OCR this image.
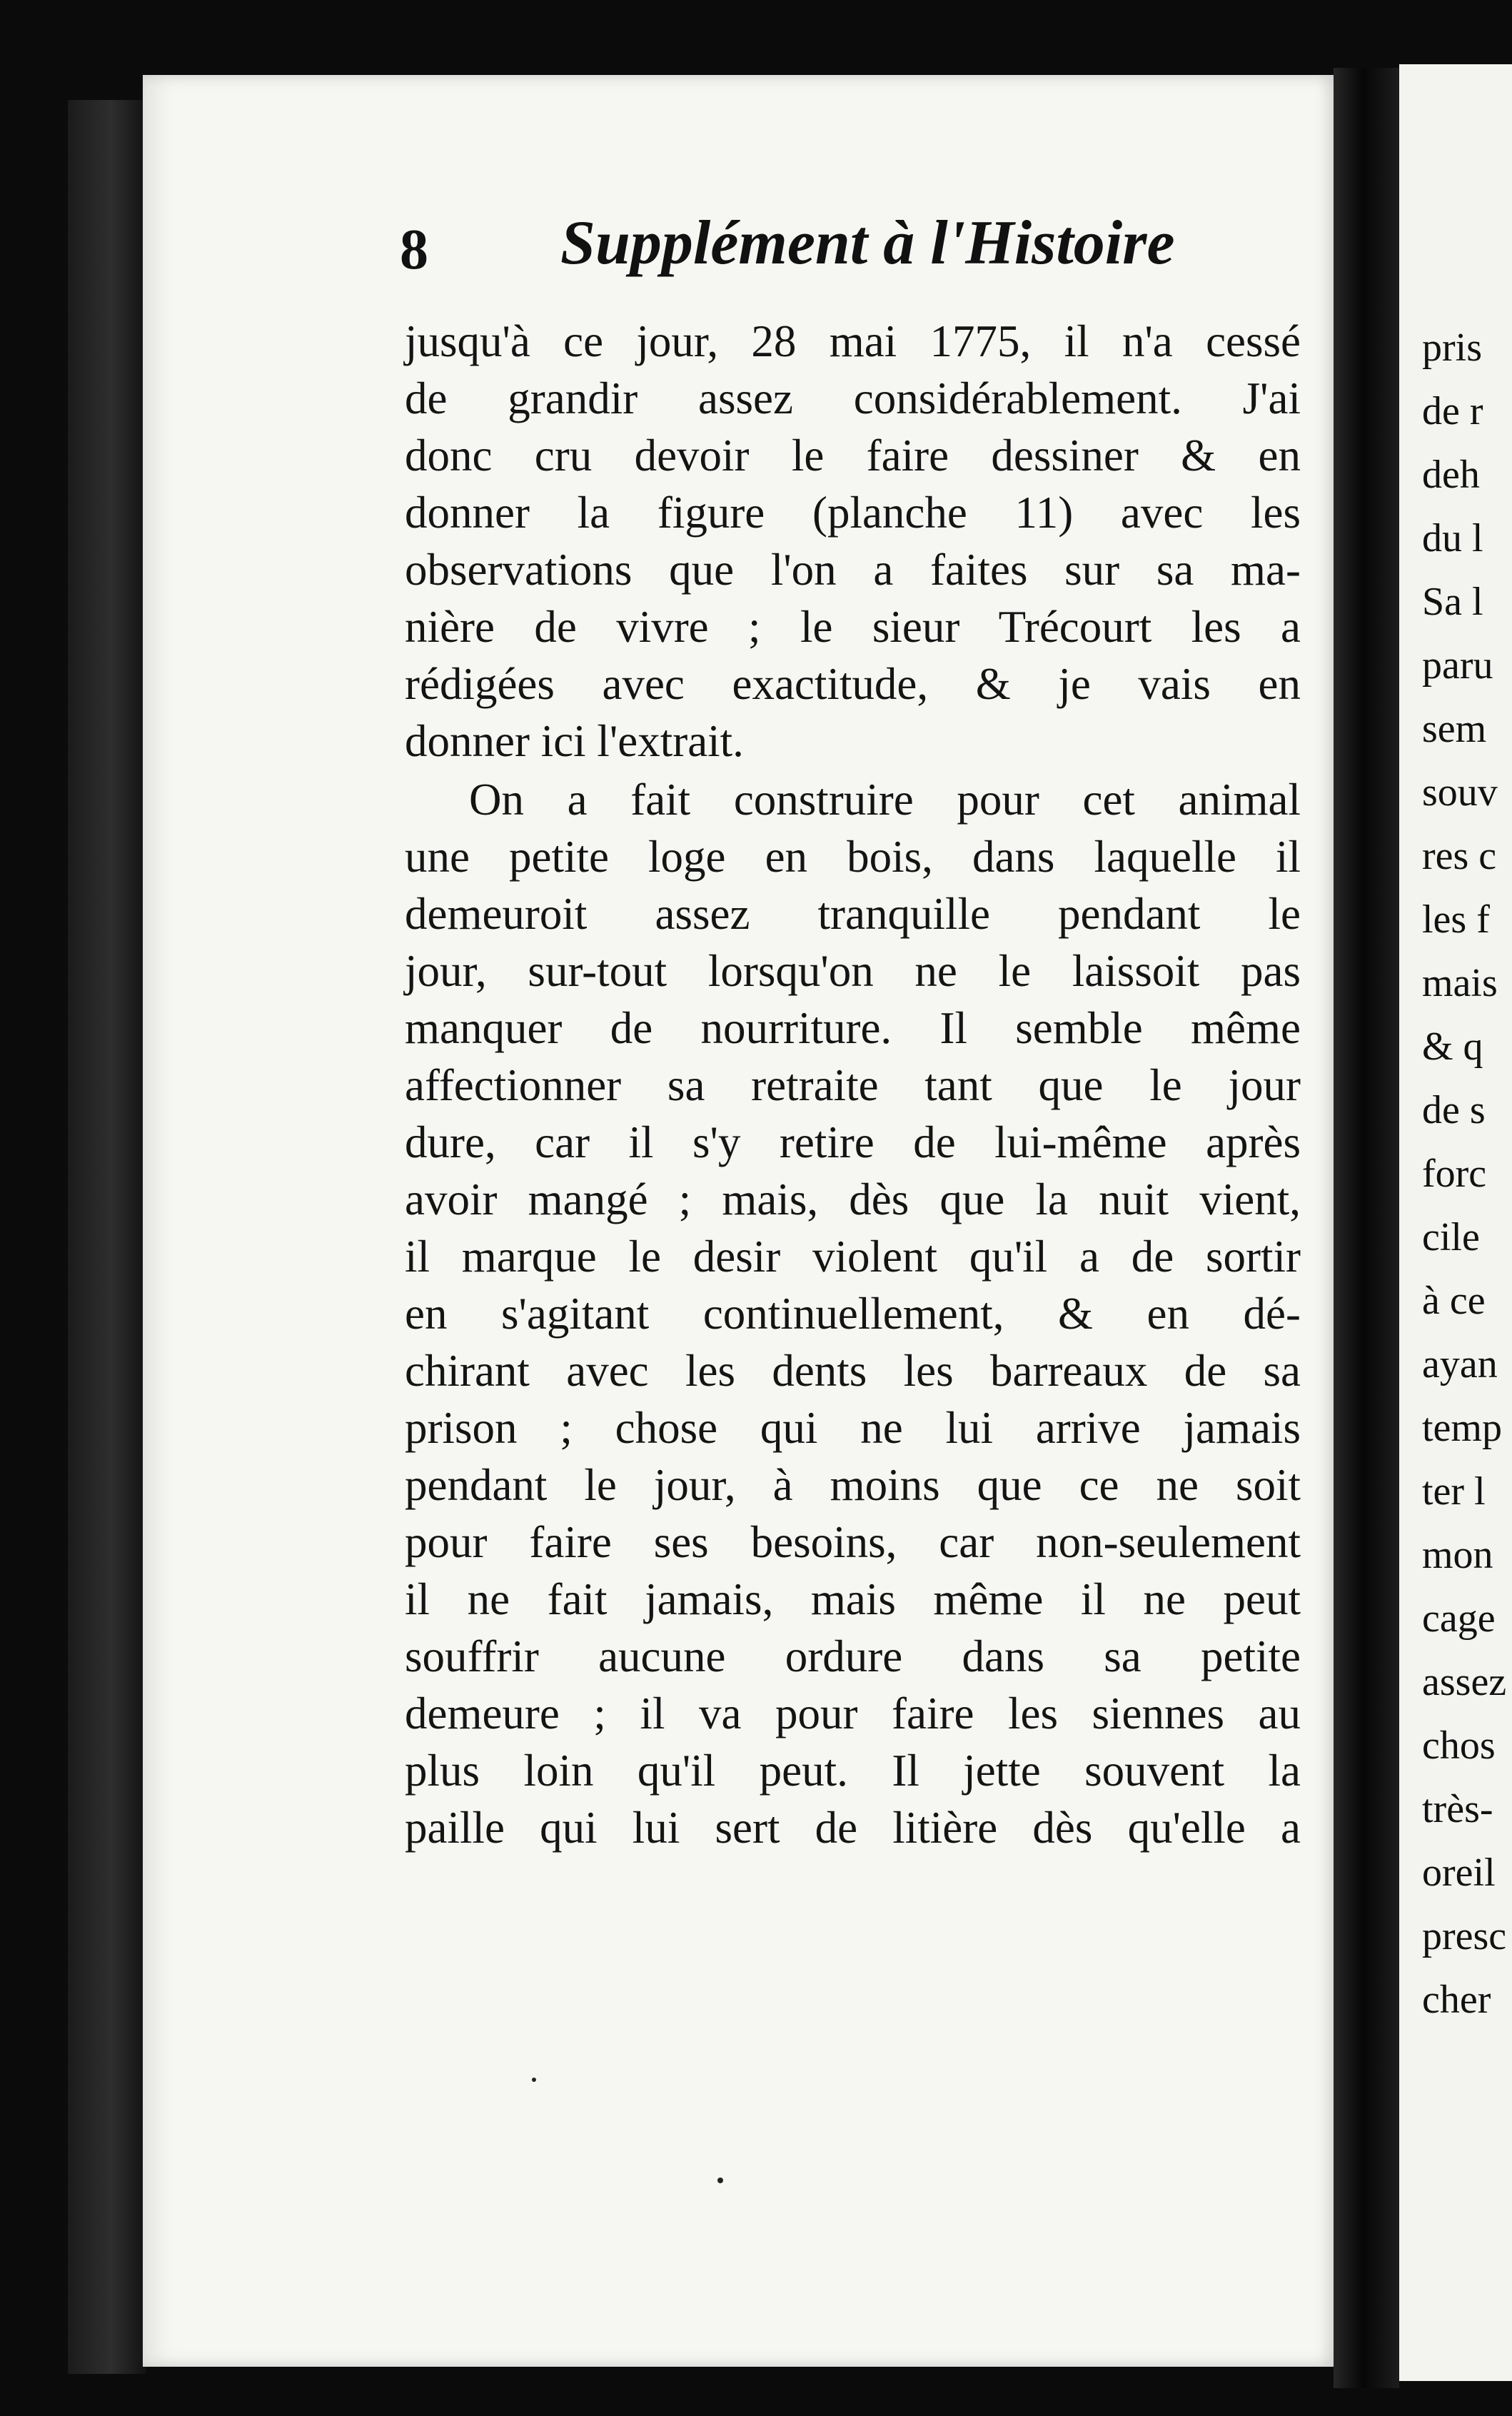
pris
de r
deh
du l
Sa l
paru
sem
souv
res c
les f
mais
& q
de s
forc
cile
à ce
ayan
temp
ter l
mon
cage
assez
chos
très-
oreil
presc
cher
8 Supplément à l'Histoire
jusqu'à ce jour, 28 mai 1775, il n'a cessé
de grandir assez considérablement. J'ai
donc cru devoir le faire dessiner & en
donner la figure (planche 11) avec les
observations que l'on a faites sur sa ma-
nière de vivre ; le sieur Trécourt les a
rédigées avec exactitude, & je vais en
donner ici l'extrait.
On a fait construire pour cet animal
une petite loge en bois, dans laquelle il
demeuroit assez tranquille pendant le
jour, sur-tout lorsqu'on ne le laissoit pas
manquer de nourriture. Il semble même
affectionner sa retraite tant que le jour
dure, car il s'y retire de lui-même après
avoir mangé ; mais, dès que la nuit vient,
il marque le desir violent qu'il a de sortir
en s'agitant continuellement, & en dé-
chirant avec les dents les barreaux de sa
prison ; chose qui ne lui arrive jamais
pendant le jour, à moins que ce ne soit
pour faire ses besoins, car non-seulement
il ne fait jamais, mais même il ne peut
souffrir aucune ordure dans sa petite
demeure ; il va pour faire les siennes au
plus loin qu'il peut. Il jette souvent la
paille qui lui sert de litière dès qu'elle a
